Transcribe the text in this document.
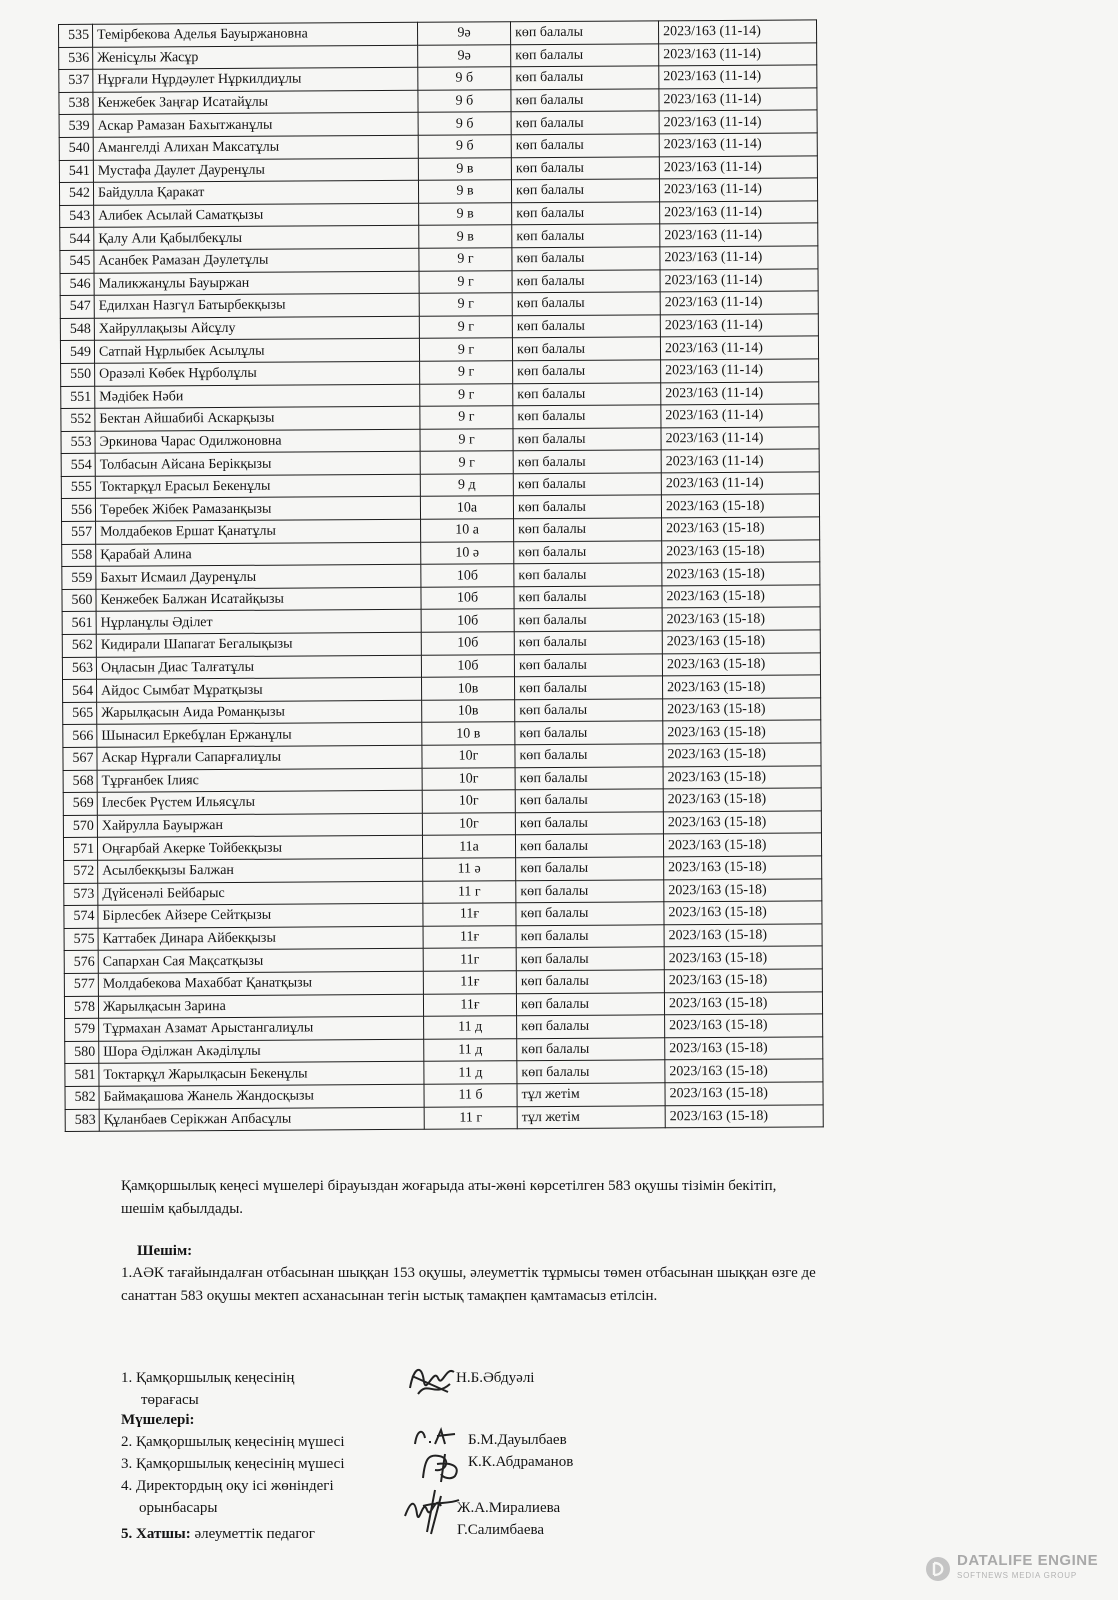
535	Темірбекова Аделья Бауыржановна	9ә	көп балалы	2023/163 (11-14)
536	Женісұлы Жасұр	9ә	көп балалы	2023/163 (11-14)
537	Нұрғали Нұрдәулет Нұркилдиұлы	9 б	көп балалы	2023/163 (11-14)
538	Кенжебек Заңғар Исатайұлы	9 б	көп балалы	2023/163 (11-14)
539	Аскар Рамазан Бахытжанұлы	9 б	көп балалы	2023/163 (11-14)
540	Амангелді Алихан Максатұлы	9 б	көп балалы	2023/163 (11-14)
541	Мустафа Даулет Дауренұлы	9 в	көп балалы	2023/163 (11-14)
542	Байдулла Қаракат	9 в	көп балалы	2023/163 (11-14)
543	Алибек Асылай Саматқызы	9 в	көп балалы	2023/163 (11-14)
544	Қалу Али Қабылбекұлы	9 в	көп балалы	2023/163 (11-14)
545	Асанбек Рамазан Дәулетұлы	9 г	көп балалы	2023/163 (11-14)
546	Маликжанұлы Бауыржан	9 г	көп балалы	2023/163 (11-14)
547	Едилхан Назгүл Батырбекқызы	9 г	көп балалы	2023/163 (11-14)
548	Хайруллақызы Айсұлу	9 г	көп балалы	2023/163 (11-14)
549	Сатпай Нұрлыбек Асылұлы	9 г	көп балалы	2023/163 (11-14)
550	Оразәлі Көбек Нұрболұлы	9 г	көп балалы	2023/163 (11-14)
551	Мәдібек Нәби	9 г	көп балалы	2023/163 (11-14)
552	Бектан Айшабибі Аскарқызы	9 г	көп балалы	2023/163 (11-14)
553	Эркинова Чарас Одилжоновна	9 г	көп балалы	2023/163 (11-14)
554	Толбасын Айсана Берікқызы	9 г	көп балалы	2023/163 (11-14)
555	Токтарқұл Ерасыл Бекенұлы	9 д	көп балалы	2023/163 (11-14)
556	Төребек Жібек Рамазанқызы	10а	көп балалы	2023/163 (15-18)
557	Молдабеков Ершат Қанатұлы	10 а	көп балалы	2023/163 (15-18)
558	Қарабай Алина	10 ә	көп балалы	2023/163 (15-18)
559	Бахыт Исмаил Дауренұлы	10б	көп балалы	2023/163 (15-18)
560	Кенжебек Балжан Исатайқызы	10б	көп балалы	2023/163 (15-18)
561	Нұрланұлы Әділет	10б	көп балалы	2023/163 (15-18)
562	Кидирали Шапагат Бегалықызы	10б	көп балалы	2023/163 (15-18)
563	Оңласын Диас Талғатұлы	10б	көп балалы	2023/163 (15-18)
564	Айдос Сымбат Мұратқызы	10в	көп балалы	2023/163 (15-18)
565	Жарылқасын Аида Романқызы	10в	көп балалы	2023/163 (15-18)
566	Шынасил Еркебұлан Ержанұлы	10 в	көп балалы	2023/163 (15-18)
567	Аскар Нұрғали Сапарғалиұлы	10г	көп балалы	2023/163 (15-18)
568	Тұрғанбек Ілияс	10г	көп балалы	2023/163 (15-18)
569	Ілесбек Рүстем Ильясұлы	10г	көп балалы	2023/163 (15-18)
570	Хайрулла Бауыржан	10г	көп балалы	2023/163 (15-18)
571	Оңғарбай Акерке Тойбекқызы	11а	көп балалы	2023/163 (15-18)
572	Асылбекқызы Балжан	11 ә	көп балалы	2023/163 (15-18)
573	Дүйсенәлі Бейбарыс	11 г	көп балалы	2023/163 (15-18)
574	Бірлесбек Айзере Сейтқызы	11ғ	көп балалы	2023/163 (15-18)
575	Каттабек Динара Айбекқызы	11ғ	көп балалы	2023/163 (15-18)
576	Сапархан Сая Мақсатқызы	11г	көп балалы	2023/163 (15-18)
577	Молдабекова Махаббат Қанатқызы	11ғ	көп балалы	2023/163 (15-18)
578	Жарылқасын Зарина	11ғ	көп балалы	2023/163 (15-18)
579	Тұрмахан Азамат Арыстангалиұлы	11 д	көп балалы	2023/163 (15-18)
580	Шора Әділжан Акәділұлы	11 д	көп балалы	2023/163 (15-18)
581	Токтарқұл Жарылқасын Бекенұлы	11 д	көп балалы	2023/163 (15-18)
582	Баймақашова Жанель Жандосқызы	11 б	тұл жетім	2023/163 (15-18)
583	Құланбаев Серікжан Апбасұлы	11 г	тұл жетім	2023/163 (15-18)
Қамқоршылық кеңесі мүшелері бірауыздан жоғарыда аты-жөні көрсетілген 583 оқушы тізімін бекітіп, шешім қабылдады.
Шешім:
1.АӘК тағайындалған отбасынан шыққан 153 оқушы, әлеуметтік тұрмысы төмен отбасынан шыққан өзге де санаттан 583 оқушы мектеп асханасынан тегін ыстық тамақпен қамтамасыз етілсін.
1. Қамқоршылық кеңесінің
төрағасы
Н.Б.Әбдуәлі
Мүшелері:
2. Қамқоршылық кеңесінің мүшесі	Б.М.Дауылбаев
3. Қамқоршылық кеңесінің мүшесі	К.К.Абдраманов
4. Директордың оқу ісі жөніндегі
орынбасары	Ж.А.Миралиева
5. Хатшы: әлеуметтік педагог	Г.Салимбаева
DATALIFE ENGINE
SOFTNEWS MEDIA GROUP
